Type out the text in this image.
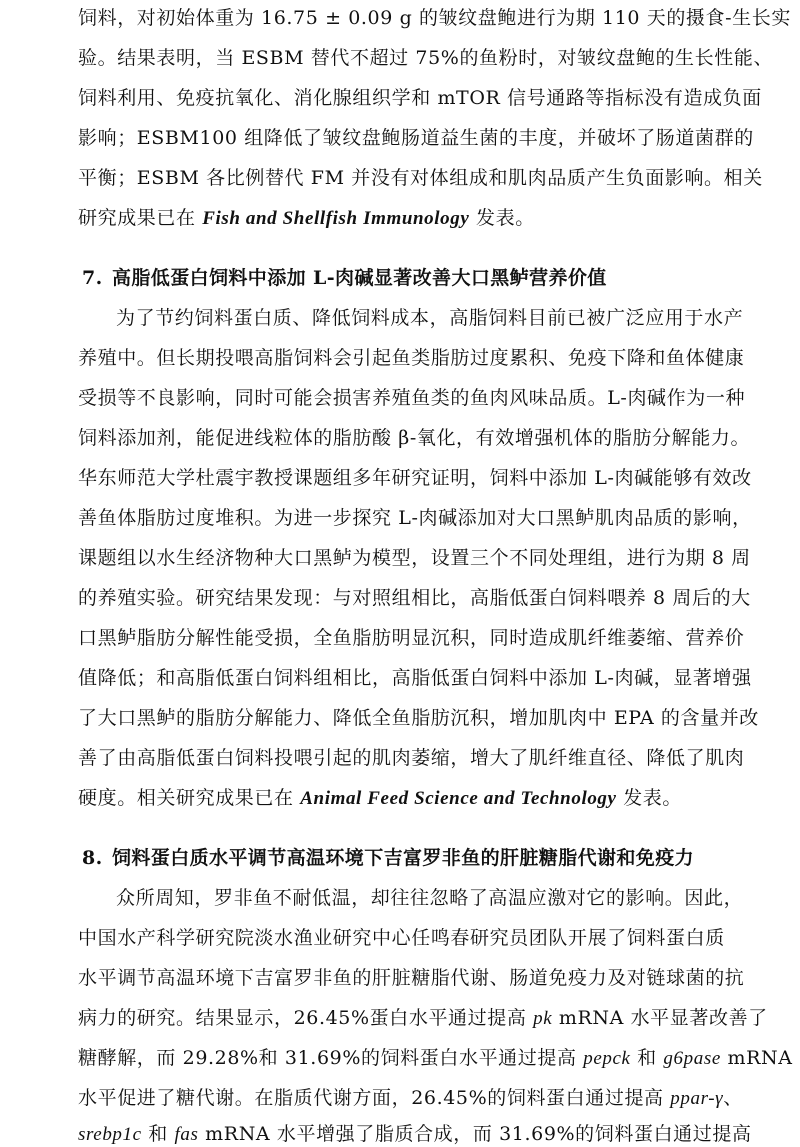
饲料，对初始体重为 16.75 ± 0.09 g 的皱纹盘鲍进行为期 110 天的摄食-生长实
验。结果表明，当 ESBM 替代不超过 75%的鱼粉时，对皱纹盘鲍的生长性能、
饲料利用、免疫抗氧化、消化腺组织学和 mTOR 信号通路等指标没有造成负面
影响；ESBM100 组降低了皱纹盘鲍肠道益生菌的丰度，并破坏了肠道菌群的
平衡；ESBM 各比例替代 FM 并没有对体组成和肌肉品质产生负面影响。相关
研究成果已在 Fish and Shellfish Immunology 发表。
7. 高脂低蛋白饲料中添加 L-肉碱显著改善大口黑鲈营养价值
为了节约饲料蛋白质、降低饲料成本，高脂饲料目前已被广泛应用于水产
养殖中。但长期投喂高脂饲料会引起鱼类脂肪过度累积、免疫下降和鱼体健康
受损等不良影响，同时可能会损害养殖鱼类的鱼肉风味品质。L-肉碱作为一种
饲料添加剂，能促进线粒体的脂肪酸 β-氧化，有效增强机体的脂肪分解能力。
华东师范大学杜震宇教授课题组多年研究证明，饲料中添加 L-肉碱能够有效改
善鱼体脂肪过度堆积。为进一步探究 L-肉碱添加对大口黑鲈肌肉品质的影响，
课题组以水生经济物种大口黑鲈为模型，设置三个不同处理组，进行为期 8 周
的养殖实验。研究结果发现：与对照组相比，高脂低蛋白饲料喂养 8 周后的大
口黑鲈脂肪分解性能受损，全鱼脂肪明显沉积，同时造成肌纤维萎缩、营养价
值降低；和高脂低蛋白饲料组相比，高脂低蛋白饲料中添加 L-肉碱，显著增强
了大口黑鲈的脂肪分解能力、降低全鱼脂肪沉积，增加肌肉中 EPA 的含量并改
善了由高脂低蛋白饲料投喂引起的肌肉萎缩，增大了肌纤维直径、降低了肌肉
硬度。相关研究成果已在 Animal Feed Science and Technology 发表。
8. 饲料蛋白质水平调节高温环境下吉富罗非鱼的肝脏糖脂代谢和免疫力
众所周知，罗非鱼不耐低温，却往往忽略了高温应激对它的影响。因此，
中国水产科学研究院淡水渔业研究中心任鸣春研究员团队开展了饲料蛋白质
水平调节高温环境下吉富罗非鱼的肝脏糖脂代谢、肠道免疫力及对链球菌的抗
病力的研究。结果显示，26.45%蛋白水平通过提高 pk mRNA 水平显著改善了
糖酵解，而 29.28%和 31.69%的饲料蛋白水平通过提高 pepck 和 g6pase mRNA
水平促进了糖代谢。在脂质代谢方面，26.45%的饲料蛋白通过提高 ppar-γ、
srebp1c 和 fas mRNA 水平增强了脂质合成，而 31.69%的饲料蛋白通过提高
